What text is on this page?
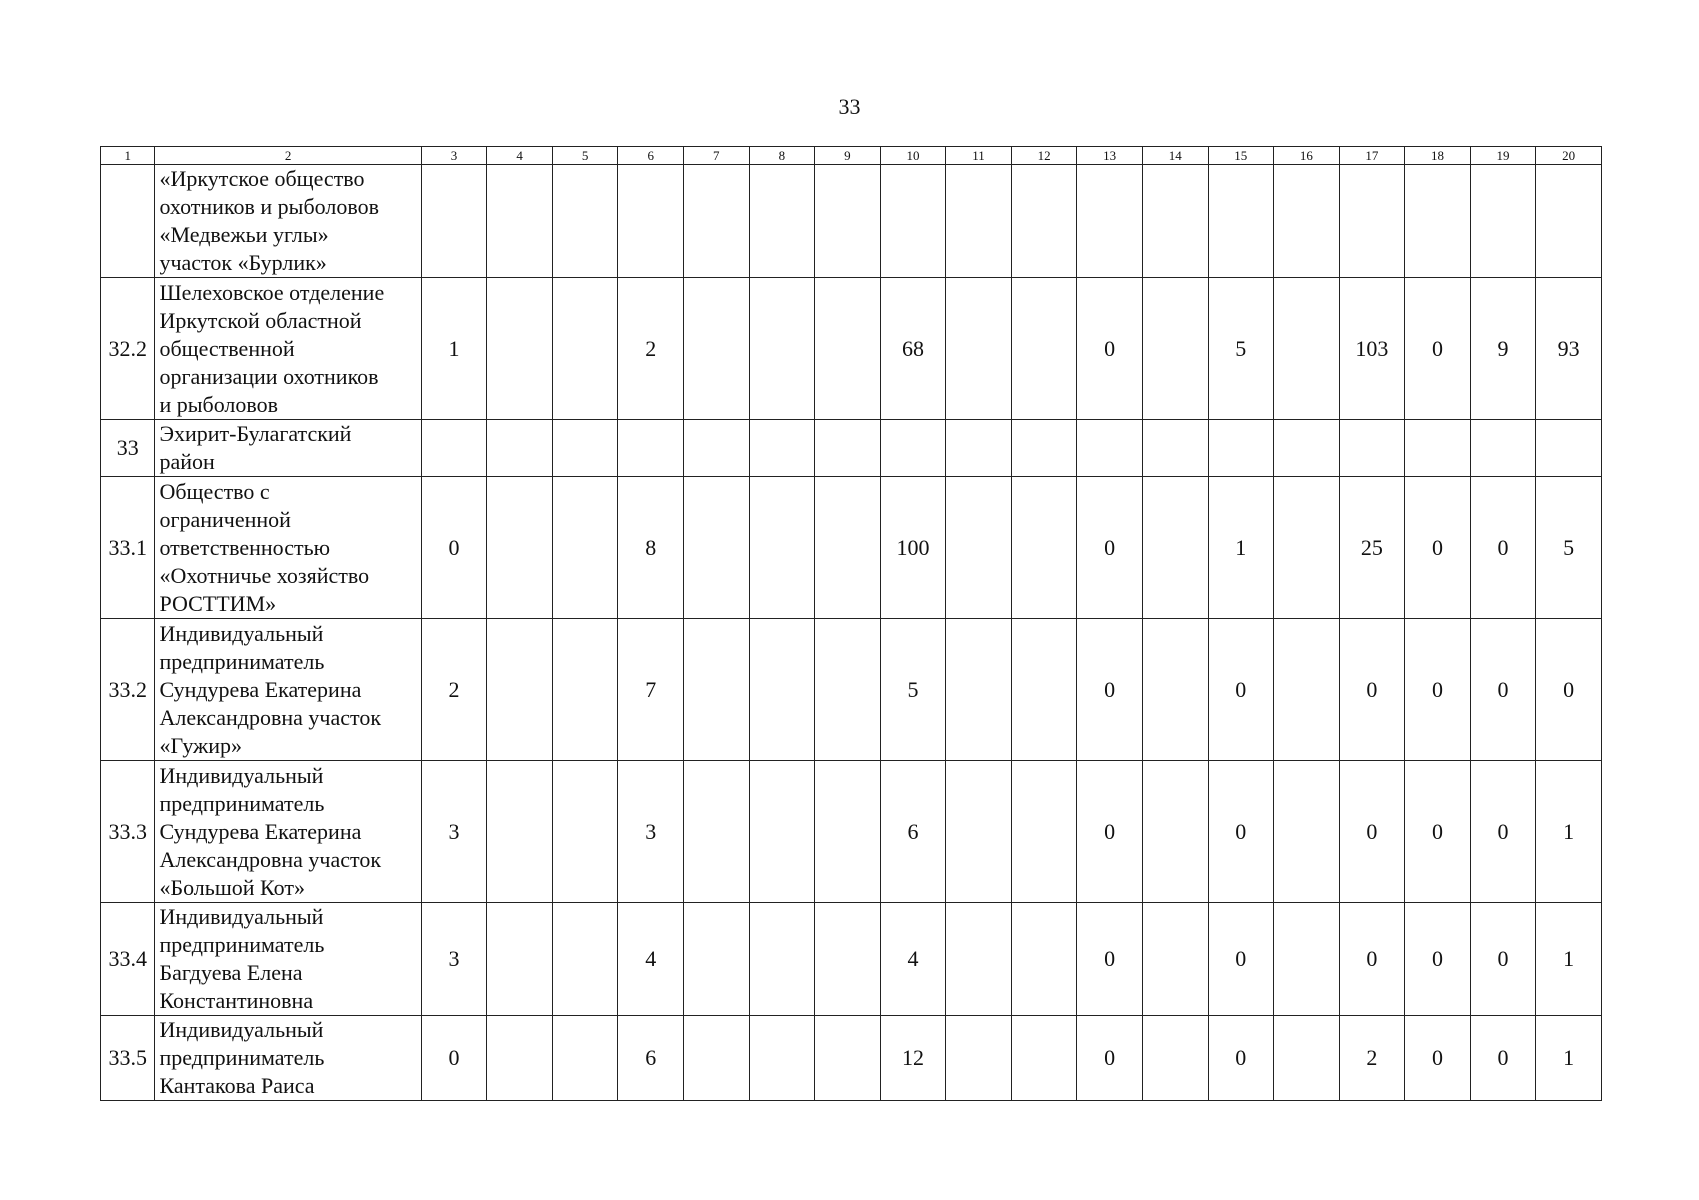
33
1	2	3	4	5	6	7	8	9	10	11	12	13	14	15	16	17	18	19	20

	«Иркутское общество
охотников и рыболовов
«Медвежьи углы»
участок «Бурлик»																		

32.2	Шелеховское отделение
Иркутской областной
общественной
организации охотников
и рыболовов	1			2				68			0		5		103	0	9	93
33	Эхирит-Булагатский
район																		

33.1	Общество с
ограниченной
ответственностью
«Охотничье хозяйство
РОСТТИМ»	0			8				100			0		1		25	0	0	5
33.2	Индивидуальный
предприниматель
Сундурева Екатерина
Александровна участок
«Гужир»	2			7				5			0		0		0	0	0	0
33.3	Индивидуальный
предприниматель
Сундурева Екатерина
Александровна участок
«Большой Кот»	3			3				6			0		0		0	0	0	1
33.4	Индивидуальный
предприниматель
Багдуева Елена
Константиновна	3			4				4			0		0		0	0	0	1
33.5	Индивидуальный
предприниматель
Кантакова Раиса	0			6				12			0		0		2	0	0	1
